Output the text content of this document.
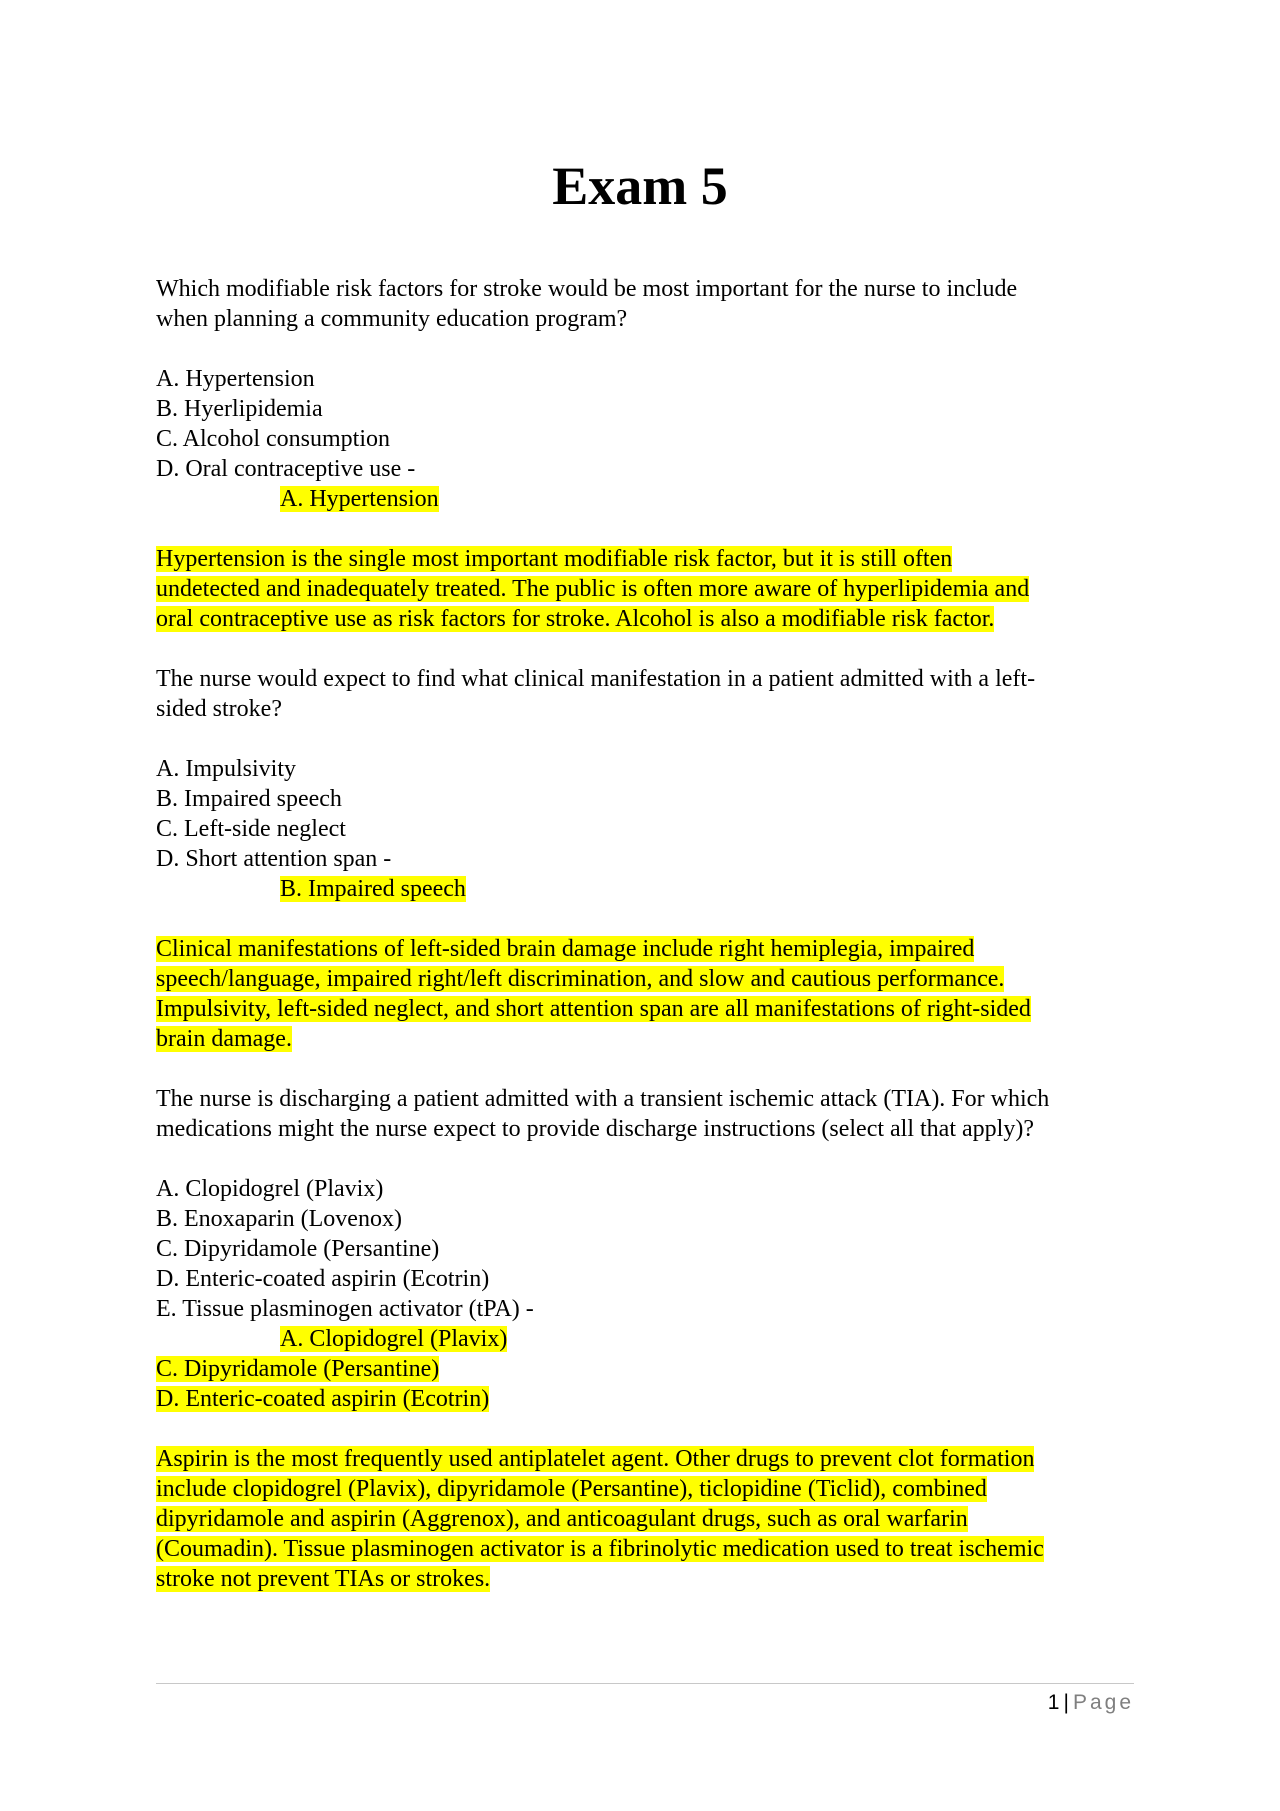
Exam 5
Which modifiable risk factors for stroke would be most important for the nurse to include
when planning a community education program?
A. Hypertension
B. Hyerlipidemia
C. Alcohol consumption
D. Oral contraceptive use -
A. Hypertension
Hypertension is the single most important modifiable risk factor, but it is still often
undetected and inadequately treated. The public is often more aware of hyperlipidemia and
oral contraceptive use as risk factors for stroke. Alcohol is also a modifiable risk factor.
The nurse would expect to find what clinical manifestation in a patient admitted with a left-
sided stroke?
A. Impulsivity
B. Impaired speech
C. Left-side neglect
D. Short attention span -
B. Impaired speech
Clinical manifestations of left-sided brain damage include right hemiplegia, impaired
speech/language, impaired right/left discrimination, and slow and cautious performance.
Impulsivity, left-sided neglect, and short attention span are all manifestations of right-sided
brain damage.
The nurse is discharging a patient admitted with a transient ischemic attack (TIA). For which
medications might the nurse expect to provide discharge instructions (select all that apply)?
A. Clopidogrel (Plavix)
B. Enoxaparin (Lovenox)
C. Dipyridamole (Persantine)
D. Enteric-coated aspirin (Ecotrin)
E. Tissue plasminogen activator (tPA) -
A. Clopidogrel (Plavix)
C. Dipyridamole (Persantine)
D. Enteric-coated aspirin (Ecotrin)
Aspirin is the most frequently used antiplatelet agent. Other drugs to prevent clot formation
include clopidogrel (Plavix), dipyridamole (Persantine), ticlopidine (Ticlid), combined
dipyridamole and aspirin (Aggrenox), and anticoagulant drugs, such as oral warfarin
(Coumadin). Tissue plasminogen activator is a fibrinolytic medication used to treat ischemic
stroke not prevent TIAs or strokes.
1 | Page
